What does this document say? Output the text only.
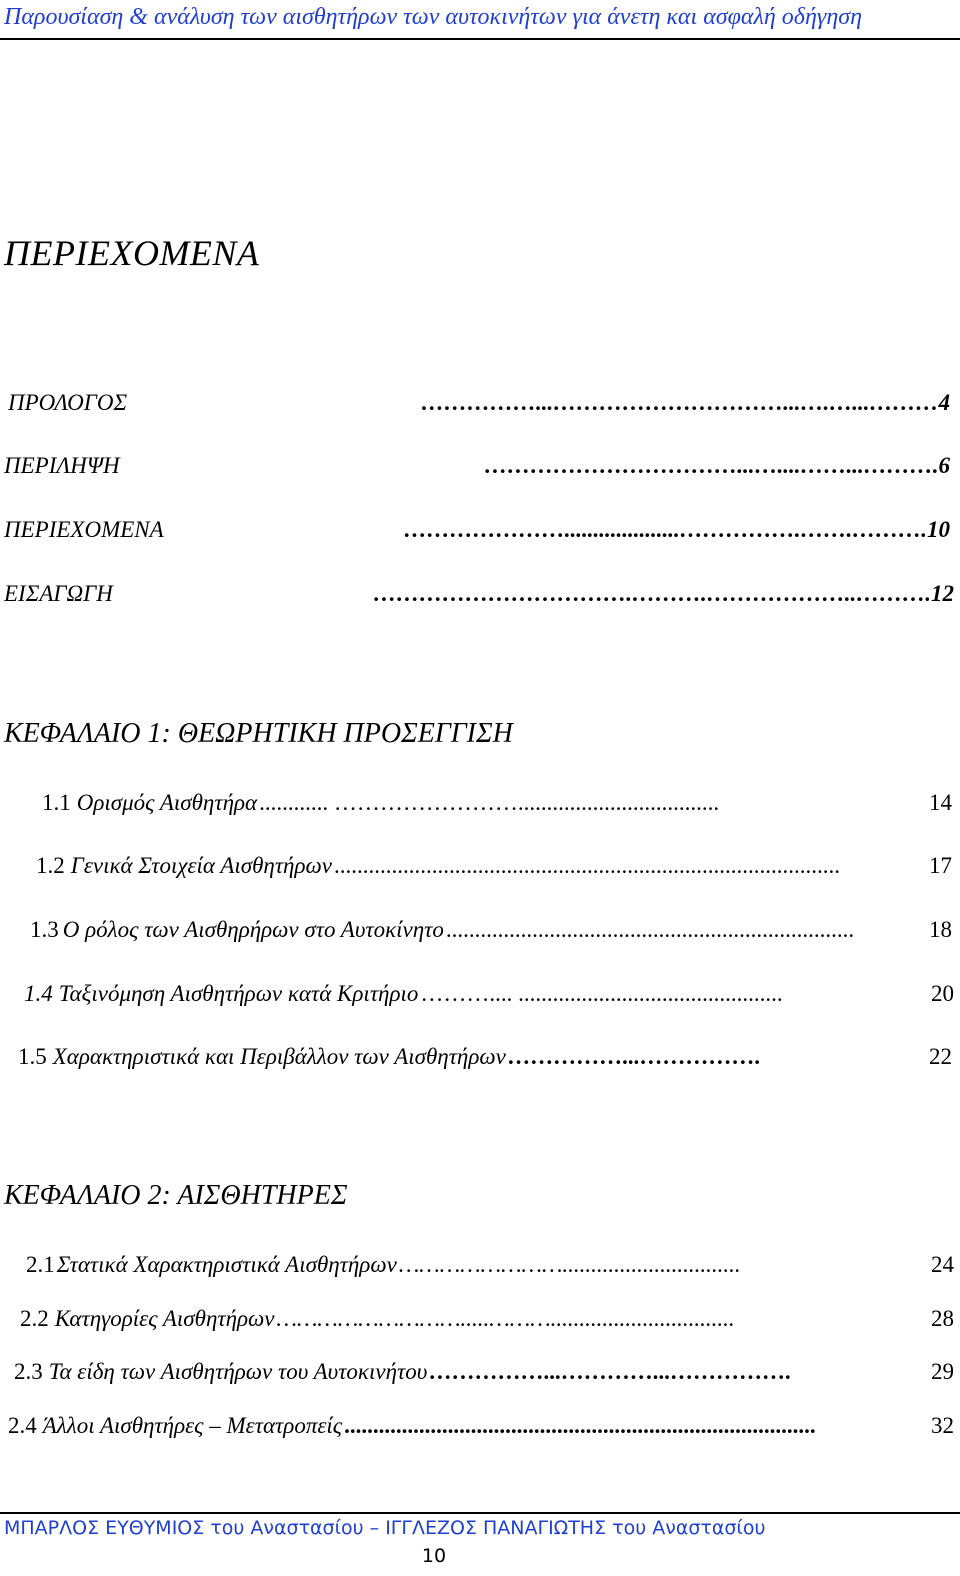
Παρουσίαση & ανάλυση των αισθητήρων των αυτοκινήτων για άνετη και ασφαλή οδήγηση
ΠΕΡΙΕΧΟΜΕΝΑ
ΠΡΟΛΟΓΟΣ	……………...…………………………...….…...………4
ΠΕΡΙΛΗΨΗ	……………………………...…....……...……….6
ΠΕΡΙΕΧΟΜΕΝΑ	…………………....................…………….…….……….10
ΕΙΣΑΓΩΓΗ	…………………………….……….………………..……….12
ΚΕΦΑΛΑΙΟ 1: ΘΕΩΡΗΤΙΚΗ ΠΡΟΣΕΓΓΙΣΗ
1.1 Ορισμός Αισθητήρα ............ ……………………...................................	14
1.2 Γενικά Στοιχεία Αισθητήρων ........................................................................................	17
1.3 Ο ρόλος των Αισθηρήρων στο Αυτοκίνητο .......................................................................	18
1.4 Ταξινόμηση Αισθητήρων κατά Κριτήριο ……….... ..............................................	20
1.5 Χαρακτηριστικά και Περιβάλλον των Αισθητήρων ……………...…………….	22
ΚΕΦΑΛΑΙΟ 2: ΑΙΣΘΗΤΗΡΕΣ
2.1 Στατικά Χαρακτηριστικά Αισθητήρων ……………………...............................	24
2.2 Κατηγορίες Αισθητήρων ……………………….....………................................	28
2.3 Τα είδη των Αισθητήρων του Αυτοκινήτου ……………...…………...…………….	29
2.4 Άλλοι Αισθητήρες – Μετατροπείς ..................................................................................	32
ΜΠΑΡΛΟΣ ΕΥΘΥΜΙΟΣ του Αναστασίου – ΙΓΓΛΕΖΟΣ ΠΑΝΑΓΙΩΤΗΣ του Αναστασίου
10
